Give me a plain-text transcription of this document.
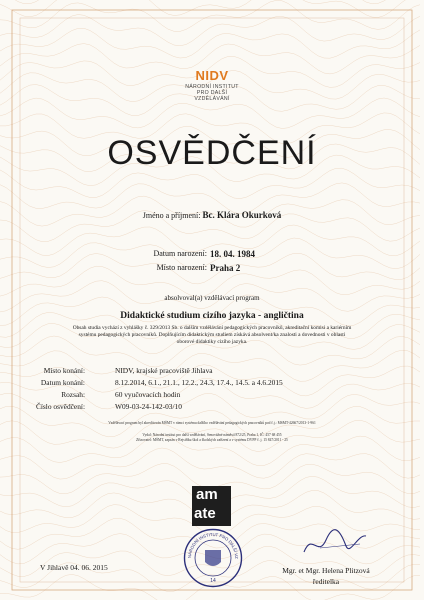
NIDV
NÁRODNÍ INSTITUT
PRO DALŠÍ
VZDĚLÁVÁNÍ
OSVĚDČENÍ
Jméno a příjmení: Bc. Klára Okurková
Datum narození: 18. 04. 1984
Místo narození: Praha 2
absolvoval(a) vzdělávací program
Didaktické studium cizího jazyka - angličtina
Obsah studia vychází z vyhlášky č. 329/2013 Sb. o dalším vzdělávání pedagogických pracovníků, akreditační komisi a kariérním systému pedagogických pracovníků. Doplňujícím didaktickým studiem získává absolvent/ka znalosti a dovednosti v oblasti oborové didaktiky cizího jazyka.
Místo konání:	NIDV, krajské pracoviště Jihlava
Datum konání:	8.12.2014, 6.1., 21.1., 12.2., 24.3, 17.4., 14.5. a 4.6.2015
Rozsah:	60 vyučovacích hodin
Číslo osvědčení:	W09-03-24-142-03/10
Vzdělávací program byl akreditován MŠMT v rámci systému dalšího vzdělávání pedagogických pracovníků pod č.j.: MSMT-42667/2013-1-961
Vydal: Národní institut pro další vzdělávání, Senovážné náměstí 872/25, Praha 1, IČ: 457 68 455
Zřizovatel: MŠMT, zapsán v Rejstříku škol a školských zařízení a v systému DVPP č. j. 15 847/2011 - 25
am
ate
NÁRODNÍ INSTITUT PRO DALŠÍ VZ
14
V Jihlavě 04. 06. 2015	Mgr. et Mgr. Helena Plitzová
ředitelka
